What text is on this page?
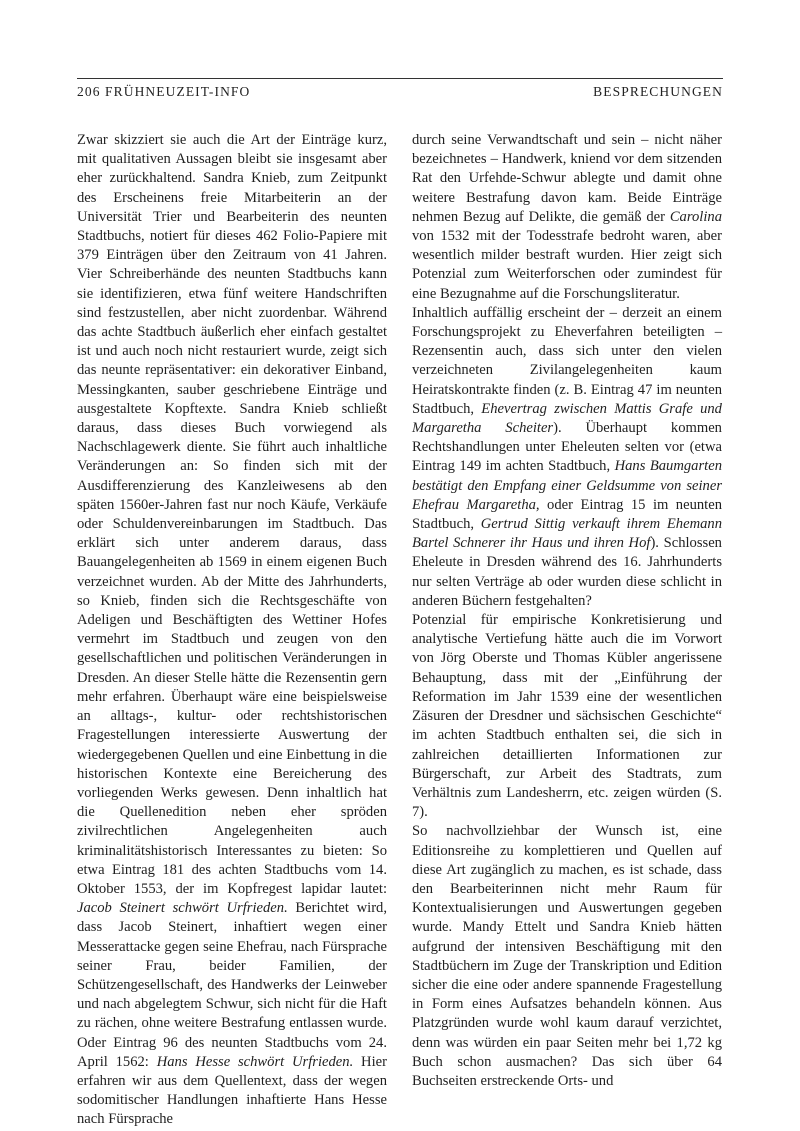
206 FRÜHNEUZEIT-INFO	BESPRECHUNGEN

Zwar skizziert sie auch die Art der Einträge kurz, mit qualitativen Aussagen bleibt sie insgesamt aber eher zurückhaltend. Sandra Knieb, zum Zeitpunkt des Erscheinens freie Mitarbeiterin an der Universität Trier und Bearbeiterin des neunten Stadtbuchs, notiert für dieses 462 Folio-Papiere mit 379 Einträgen über den Zeitraum von 41 Jahren. Vier Schreiberhände des neunten Stadtbuchs kann sie identifizieren, etwa fünf weitere Handschriften sind festzustellen, aber nicht zuordenbar. Während das achte Stadtbuch äußerlich eher einfach gestaltet ist und auch noch nicht restauriert wurde, zeigt sich das neunte repräsentativer: ein dekorativer Einband, Messingkanten, sauber geschriebene Einträge und ausgestaltete Kopftexte. Sandra Knieb schließt daraus, dass dieses Buch vorwiegend als Nachschlagewerk diente. Sie führt auch inhaltliche Veränderungen an: So finden sich mit der Ausdifferenzierung des Kanzleiwesens ab den späten 1560er-Jahren fast nur noch Käufe, Verkäufe oder Schuldenvereinbarungen im Stadtbuch. Das erklärt sich unter anderem daraus, dass Bauangelegenheiten ab 1569 in einem eigenen Buch verzeichnet wurden. Ab der Mitte des Jahrhunderts, so Knieb, finden sich die Rechtsgeschäfte von Adeligen und Beschäftigten des Wettiner Hofes vermehrt im Stadtbuch und zeugen von den gesellschaftlichen und politischen Veränderungen in Dresden. An dieser Stelle hätte die Rezensentin gern mehr erfahren. Überhaupt wäre eine beispielsweise an alltags-, kultur- oder rechtshistorischen Fragestellungen interessierte Auswertung der wiedergegebenen Quellen und eine Einbettung in die historischen Kontexte eine Bereicherung des vorliegenden Werks gewesen. Denn inhaltlich hat die Quellenedition neben eher spröden zivilrechtlichen Angelegenheiten auch kriminalitätshistorisch Interessantes zu bieten: So etwa Eintrag 181 des achten Stadtbuchs vom 14. Oktober 1553, der im Kopfregest lapidar lautet: Jacob Steinert schwört Urfrieden. Berichtet wird, dass Jacob Steinert, inhaftiert wegen einer Messerattacke gegen seine Ehefrau, nach Fürsprache seiner Frau, beider Familien, der Schützengesellschaft, des Handwerks der Leinweber und nach abgelegtem Schwur, sich nicht für die Haft zu rächen, ohne weitere Bestrafung entlassen wurde. Oder Eintrag 96 des neunten Stadtbuchs vom 24. April 1562: Hans Hesse schwört Urfrieden. Hier erfahren wir aus dem Quellentext, dass der wegen sodomitischer Handlungen inhaftierte Hans Hesse nach Fürsprache

durch seine Verwandtschaft und sein – nicht näher bezeichnetes – Handwerk, kniend vor dem sitzenden Rat den Urfehde-Schwur ablegte und damit ohne weitere Bestrafung davon kam. Beide Einträge nehmen Bezug auf Delikte, die gemäß der Carolina von 1532 mit der Todesstrafe bedroht waren, aber wesentlich milder bestraft wurden. Hier zeigt sich Potenzial zum Weiterforschen oder zumindest für eine Bezugnahme auf die Forschungsliteratur.

Inhaltlich auffällig erscheint der – derzeit an einem Forschungsprojekt zu Eheverfahren beteiligten – Rezensentin auch, dass sich unter den vielen verzeichneten Zivilangelegenheiten kaum Heiratskontrakte finden (z. B. Eintrag 47 im neunten Stadtbuch, Ehevertrag zwischen Mattis Grafe und Margaretha Scheiter). Überhaupt kommen Rechtshandlungen unter Eheleuten selten vor (etwa Eintrag 149 im achten Stadtbuch, Hans Baumgarten bestätigt den Empfang einer Geldsumme von seiner Ehefrau Margaretha, oder Eintrag 15 im neunten Stadtbuch, Gertrud Sittig verkauft ihrem Ehemann Bartel Schnerer ihr Haus und ihren Hof). Schlossen Eheleute in Dresden während des 16. Jahrhunderts nur selten Verträge ab oder wurden diese schlicht in anderen Büchern festgehalten?

Potenzial für empirische Konkretisierung und analytische Vertiefung hätte auch die im Vorwort von Jörg Oberste und Thomas Kübler angerissene Behauptung, dass mit der „Einführung der Reformation im Jahr 1539 eine der wesentlichen Zäsuren der Dresdner und sächsischen Geschichte“ im achten Stadtbuch enthalten sei, die sich in zahlreichen detaillierten Informationen zur Bürgerschaft, zur Arbeit des Stadtrats, zum Verhältnis zum Landesherrn, etc. zeigen würden (S. 7).

So nachvollziehbar der Wunsch ist, eine Editionsreihe zu komplettieren und Quellen auf diese Art zugänglich zu machen, es ist schade, dass den Bearbeiterinnen nicht mehr Raum für Kontextualisierungen und Auswertungen gegeben wurde. Mandy Ettelt und Sandra Knieb hätten aufgrund der intensiven Beschäftigung mit den Stadtbüchern im Zuge der Transkription und Edition sicher die eine oder andere spannende Fragestellung in Form eines Aufsatzes behandeln können. Aus Platzgründen wurde wohl kaum darauf verzichtet, denn was würden ein paar Seiten mehr bei 1,72 kg Buch schon ausmachen? Das sich über 64 Buchseiten erstreckende Orts- und
